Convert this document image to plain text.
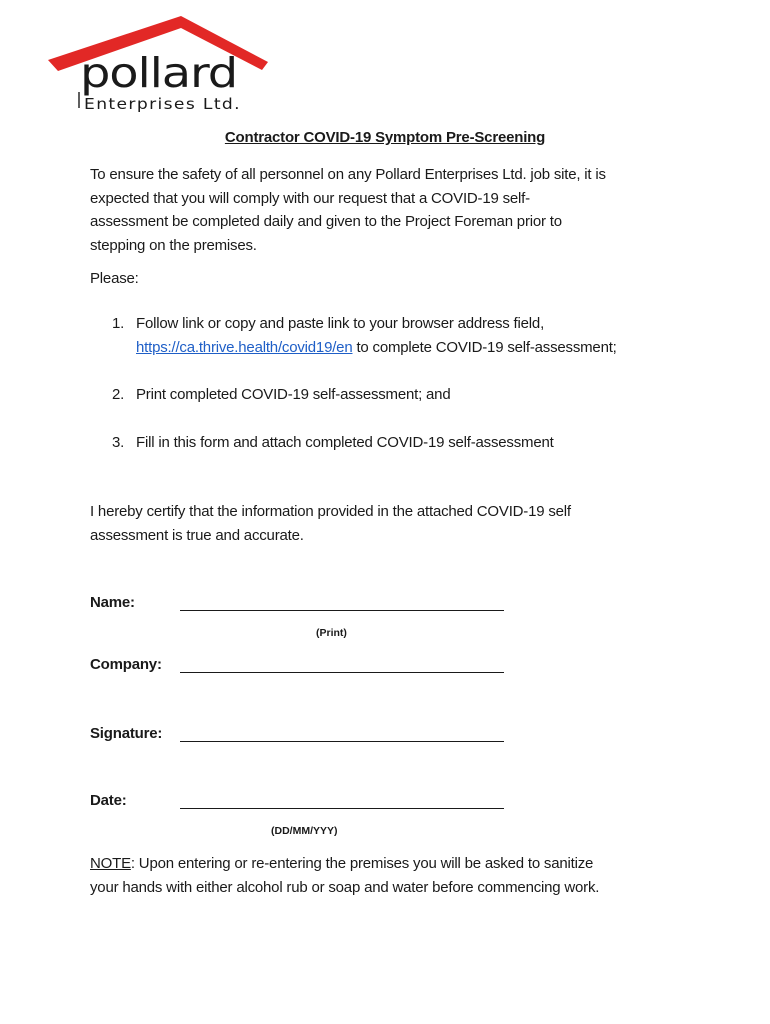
pollard
Enterprises Ltd.
Contractor COVID-19 Symptom Pre-Screening
To ensure the safety of all personnel on any Pollard Enterprises Ltd. job site, it is
expected that you will comply with our request that a COVID-19 self-
assessment be completed daily and given to the Project Foreman prior to
stepping on the premises.
Please:
1. Follow link or copy and paste link to your browser address field,
https://ca.thrive.health/covid19/en to complete COVID-19 self-assessment;
2. Print completed COVID-19 self-assessment; and
3. Fill in this form and attach completed COVID-19 self-assessment
I hereby certify that the information provided in the attached COVID-19 self
assessment is true and accurate.
Name:
(Print)
Company:
Signature:
Date:
(DD/MM/YYY)
NOTE: Upon entering or re-entering the premises you will be asked to sanitize
your hands with either alcohol rub or soap and water before commencing work.
